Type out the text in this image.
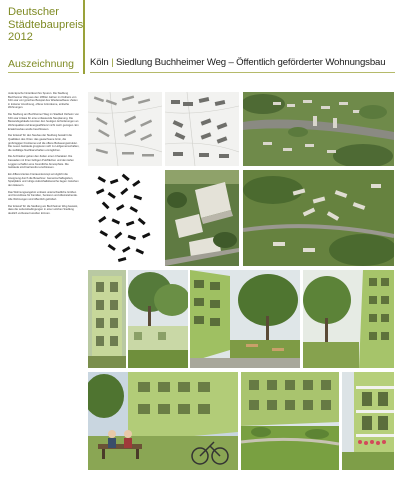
Deutscher
Städtebaupreis
2012
Auszeichnung Köln | Siedlung Buchheimer Weg – Öffentlich geförderter Wohnungsbau

Jede Epoche hinterlässt ihre Spuren. Die Siedlung Buchheimer Weg aus den 1950er Jahren im Ostheim von Köln war ein typisches Beispiel des Wiederaufbaus: Zeilen in lockerer Anordnung, offene Grünräume, einfache Wohnungen.

Die Siedlung am Buchheimer Weg im Stadtteil Ostheim von Köln war Anlass für eine umfassende Neuplanung. Die Bestandsgebäude konnten den heutigen Anforderungen an Wohnqualität und Energieeffizienz nicht mehr genügen. Ein Ersatzneubau wurde beschlossen.

Der Entwurf für den Neubau der Siedlung bewahrt die Qualitäten des Ortes: das gewachsene Grün, die großzügigen Freiräume und die offene Bebauungsstruktur. Die neuen Gebäude gruppieren sich zu Hofgemeinschaften, die vielfältige Nachbarschaften ermöglichen.

Die Architektur geben den Zeilen einen Charakter. Die Fassaden mit ihren farbigen Putzflächen und den tiefen Loggien schaffen eine freundliche Atmosphäre. Die Gebäude sind barrierefrei erschlossen.

Ein differenziertes Freiraumkonzept ermöglicht die Aneignung durch die Bewohner. Gemeinschaftsgärten, Spielplätze und ruhige Aufenthaltsbereiche liegen zwischen den Häusern.

Das Wohnungsangebot umfasst unterschiedliche Größen und Grundrisse für Familien, Senioren und Alleinstehende. Alle Wohnungen sind öffentlich gefördert.

Der Entwurf für die Siedlung am Buchheimer Weg beweist, dass die Lebensbedingungen in einer solchen Siedlung deutlich verbessert werden können.
